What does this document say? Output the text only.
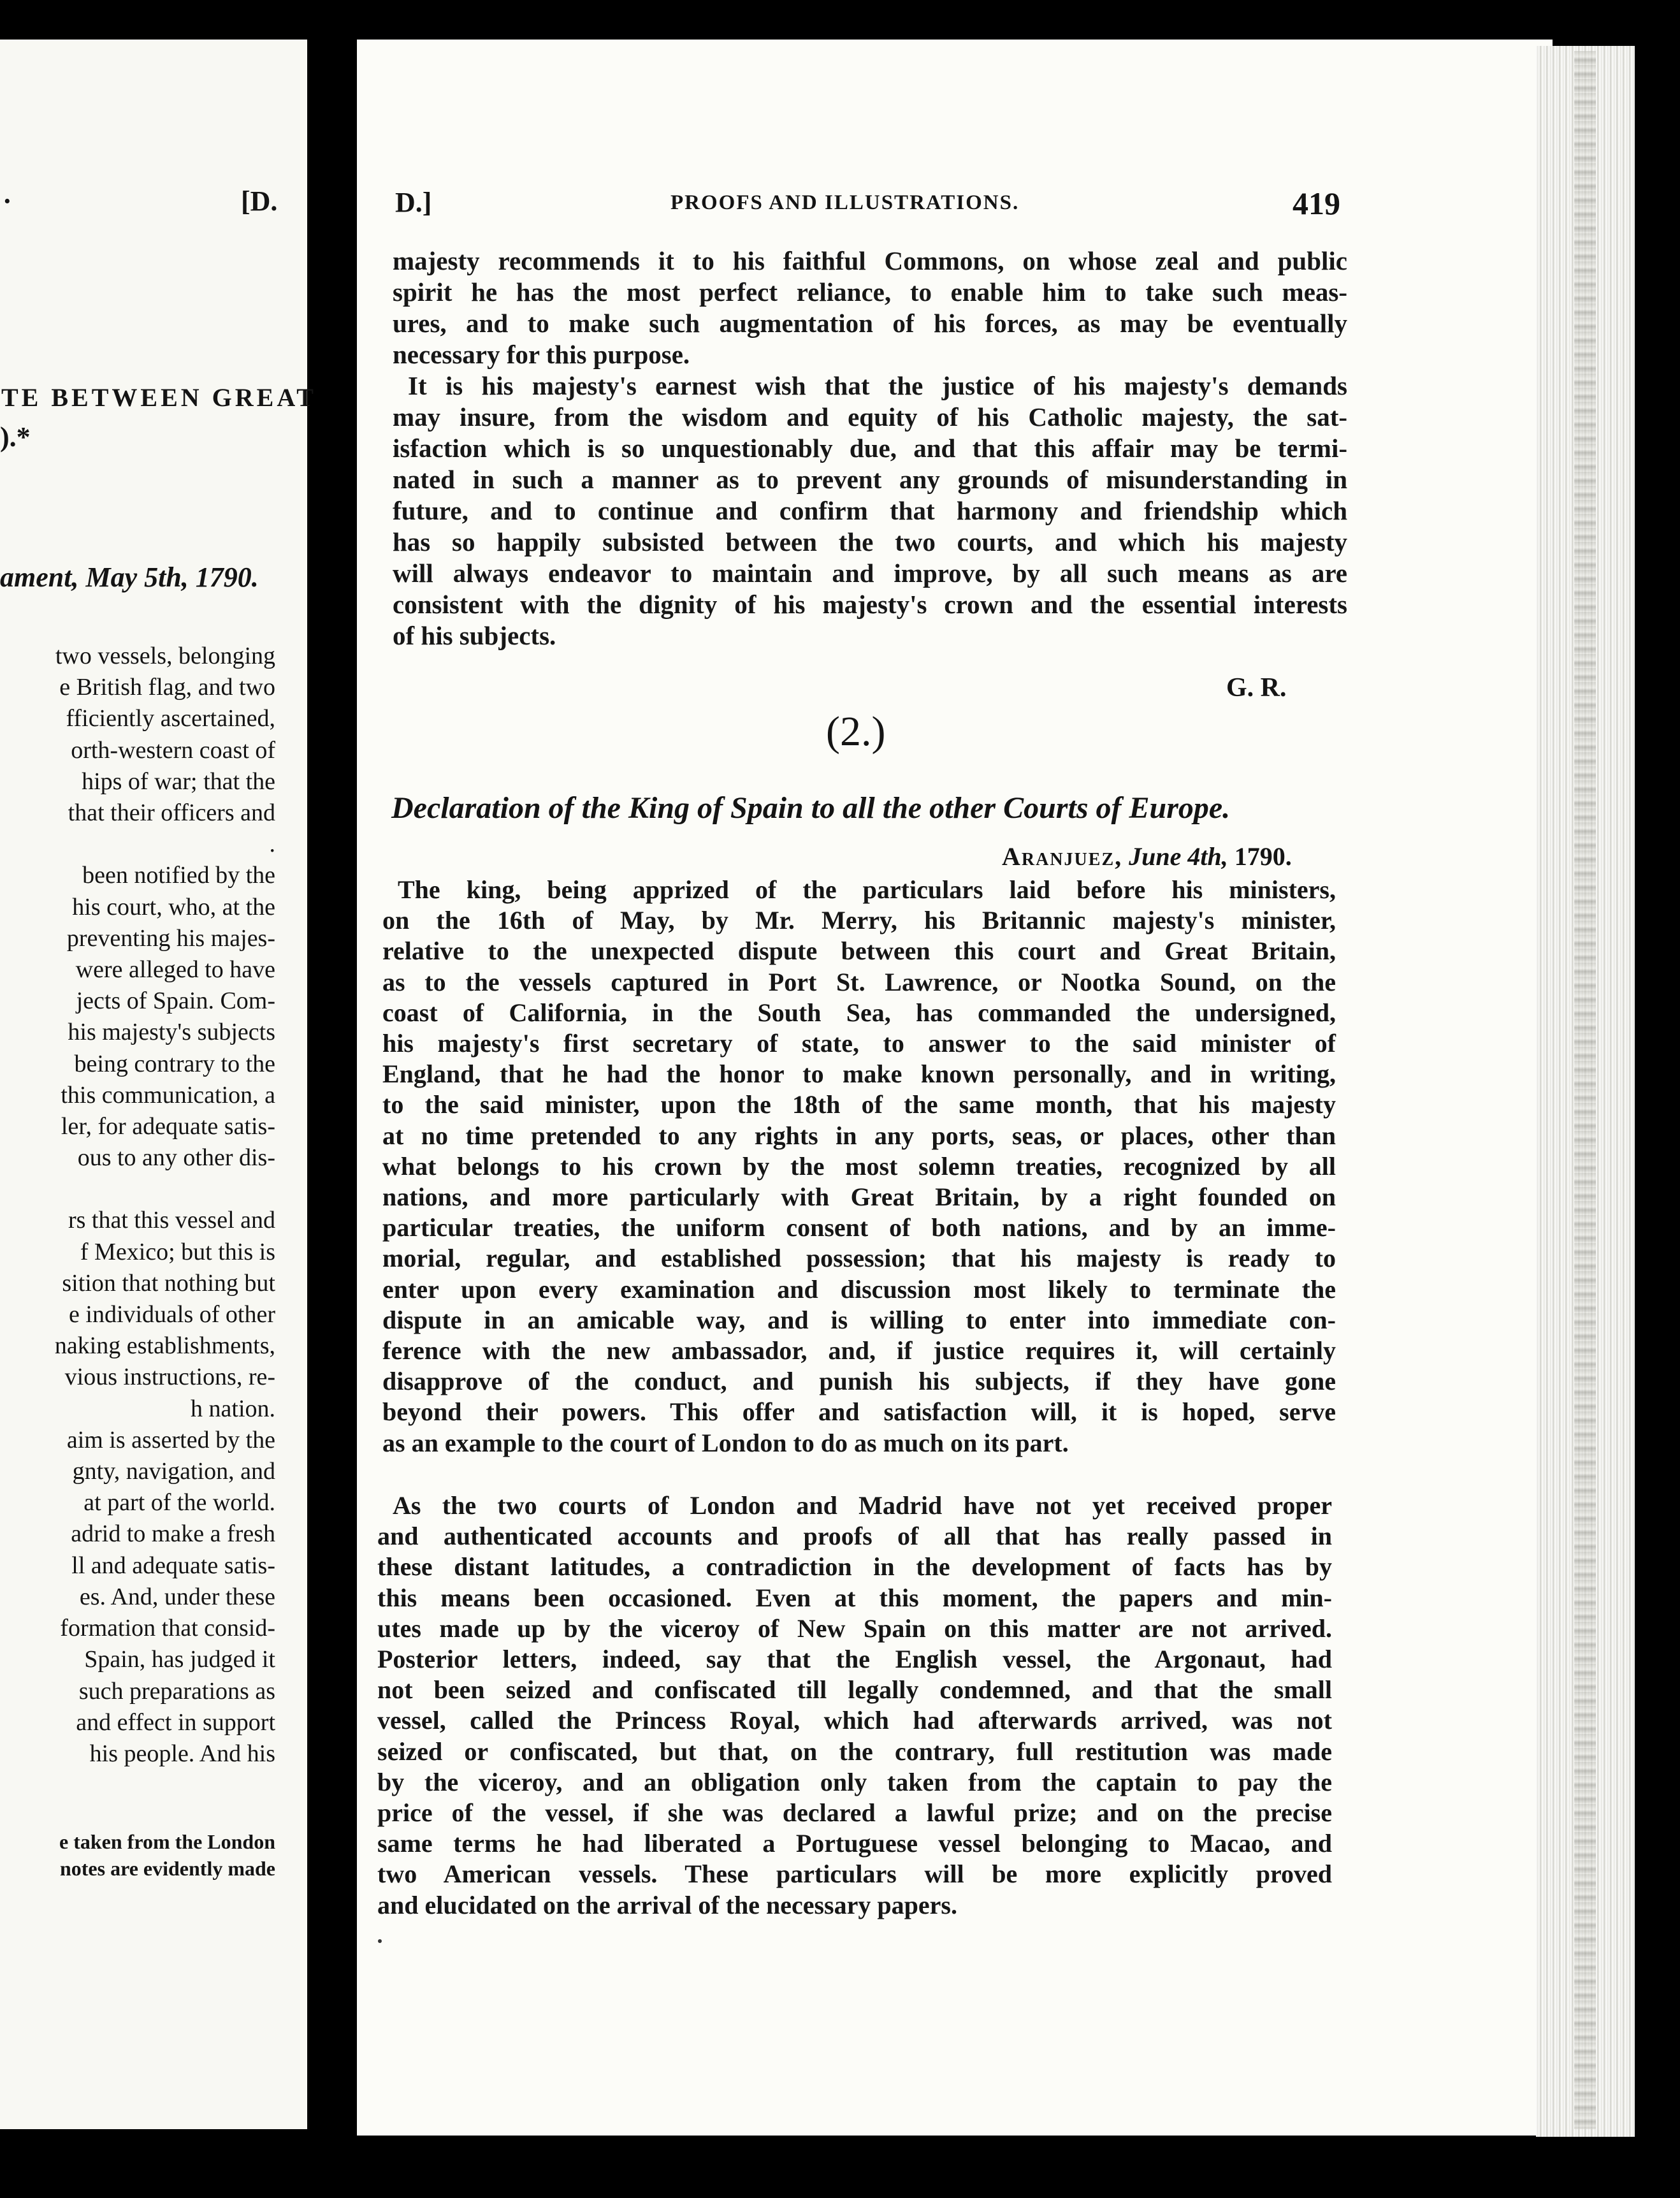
·	[D.
TE BETWEEN GREAT
).*
ament, May 5th, 1790.
two vessels, belonging
e British flag, and two
fficiently ascertained,
orth-western coast of
hips of war; that the
that their officers and
.
been notified by the
his court, who, at the
preventing his majes-
were alleged to have
jects of Spain. Com-
his majesty's subjects
being contrary to the
this communication, a
ler, for adequate satis-
ous to any other dis-
rs that this vessel and
f Mexico; but this is
sition that nothing but
e individuals of other
naking establishments,
vious instructions, re-
h nation.
aim is asserted by the
gnty, navigation, and
at part of the world.
adrid to make a fresh
ll and adequate satis-
es. And, under these
formation that consid-
Spain, has judged it
such preparations as
and effect in support
his people. And his
e taken from the London
notes are evidently made
D.]	PROOFS AND ILLUSTRATIONS.	419
majesty recommends it to his faithful Commons, on whose zeal and public
spirit he has the most perfect reliance, to enable him to take such meas-
ures, and to make such augmentation of his forces, as may be eventually
necessary for this purpose.
It is his majesty's earnest wish that the justice of his majesty's demands
may insure, from the wisdom and equity of his Catholic majesty, the sat-
isfaction which is so unquestionably due, and that this affair may be termi-
nated in such a manner as to prevent any grounds of misunderstanding in
future, and to continue and confirm that harmony and friendship which
has so happily subsisted between the two courts, and which his majesty
will always endeavor to maintain and improve, by all such means as are
consistent with the dignity of his majesty's crown and the essential interests
of his subjects.
G. R.
(2.)
Declaration of the King of Spain to all the other Courts of Europe.
Aranjuez, June 4th, 1790.
The king, being apprized of the particulars laid before his ministers,
on the 16th of May, by Mr. Merry, his Britannic majesty's minister,
relative to the unexpected dispute between this court and Great Britain,
as to the vessels captured in Port St. Lawrence, or Nootka Sound, on the
coast of California, in the South Sea, has commanded the undersigned,
his majesty's first secretary of state, to answer to the said minister of
England, that he had the honor to make known personally, and in writing,
to the said minister, upon the 18th of the same month, that his majesty
at no time pretended to any rights in any ports, seas, or places, other than
what belongs to his crown by the most solemn treaties, recognized by all
nations, and more particularly with Great Britain, by a right founded on
particular treaties, the uniform consent of both nations, and by an imme-
morial, regular, and established possession; that his majesty is ready to
enter upon every examination and discussion most likely to terminate the
dispute in an amicable way, and is willing to enter into immediate con-
ference with the new ambassador, and, if justice requires it, will certainly
disapprove of the conduct, and punish his subjects, if they have gone
beyond their powers. This offer and satisfaction will, it is hoped, serve
as an example to the court of London to do as much on its part.
As the two courts of London and Madrid have not yet received proper
and authenticated accounts and proofs of all that has really passed in
these distant latitudes, a contradiction in the development of facts has by
this means been occasioned. Even at this moment, the papers and min-
utes made up by the viceroy of New Spain on this matter are not arrived.
Posterior letters, indeed, say that the English vessel, the Argonaut, had
not been seized and confiscated till legally condemned, and that the small
vessel, called the Princess Royal, which had afterwards arrived, was not
seized or confiscated, but that, on the contrary, full restitution was made
by the viceroy, and an obligation only taken from the captain to pay the
price of the vessel, if she was declared a lawful prize; and on the precise
same terms he had liberated a Portuguese vessel belonging to Macao, and
two American vessels. These particulars will be more explicitly proved
and elucidated on the arrival of the necessary papers.
